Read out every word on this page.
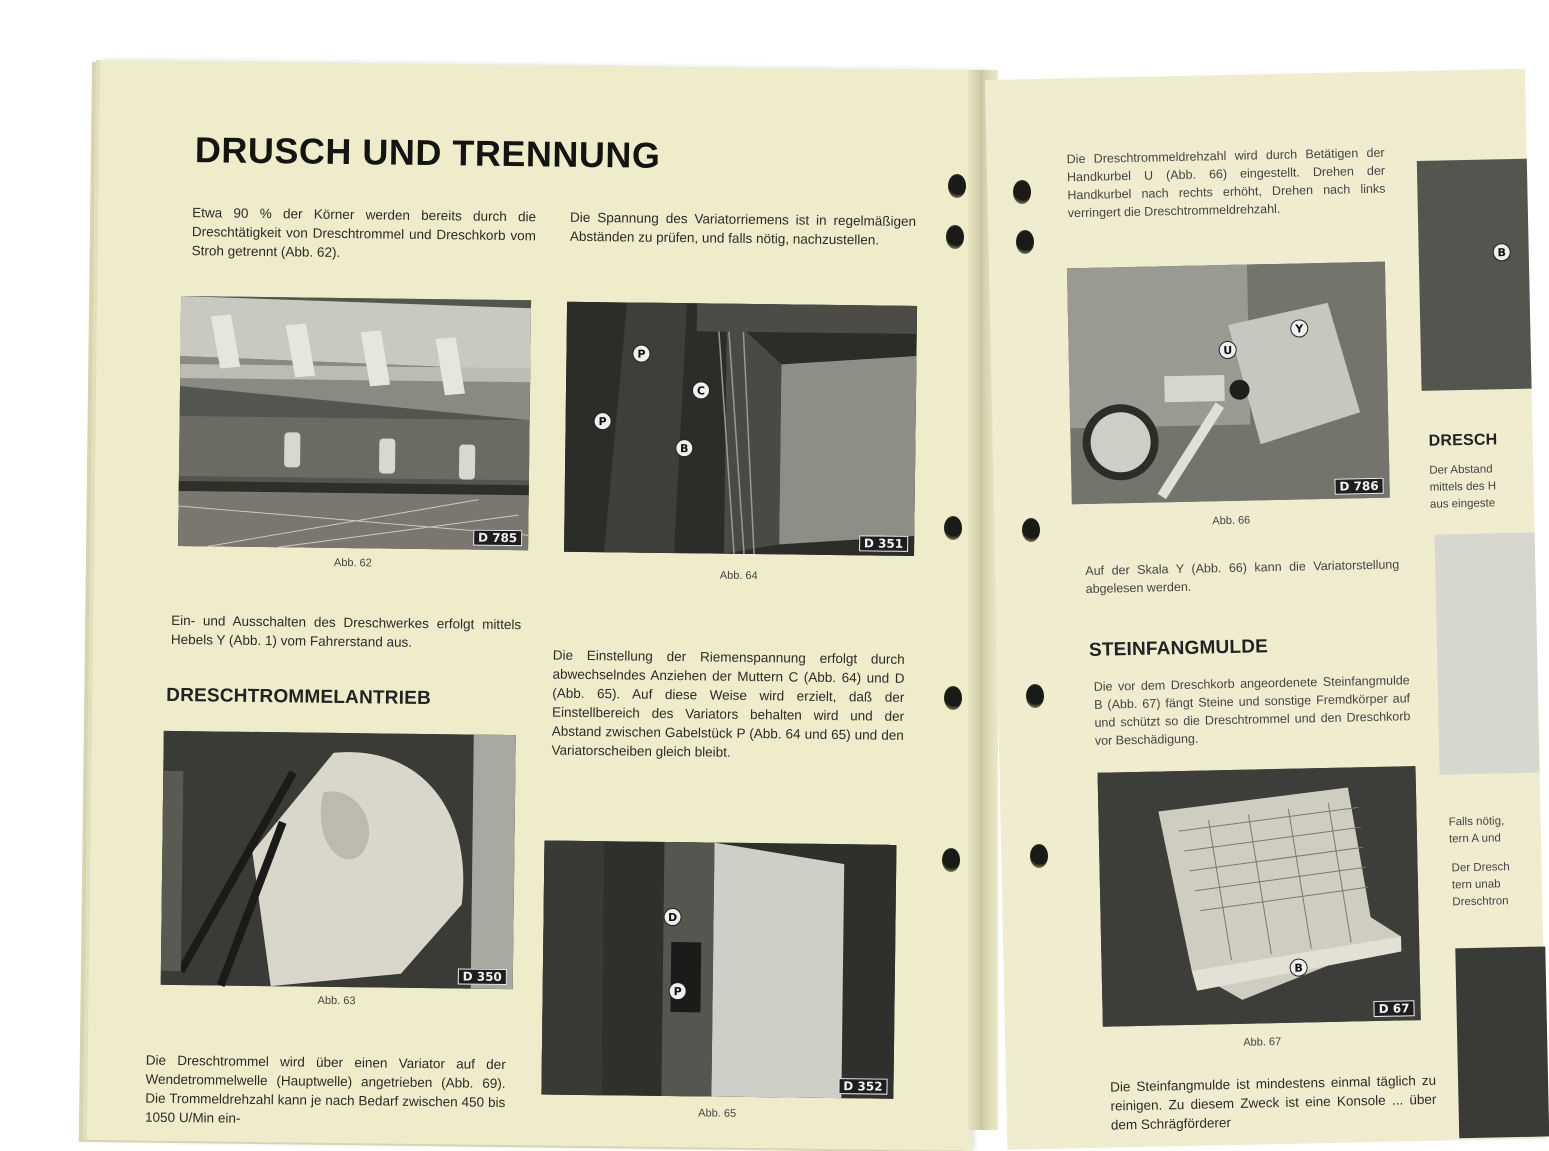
DRUSCH UND TRENNUNG
Etwa 90 % der Körner werden bereits durch die Dreschtätigkeit von Dreschtrommel und Dreschkorb vom Stroh getrennt (Abb. 62).
D 785
Abb. 62
Ein- und Ausschalten des Dreschwerkes erfolgt mittels Hebels Y (Abb. 1) vom Fahrerstand aus.
DRESCHTROMMELANTRIEB
D 350
Abb. 63
Die Dreschtrommel wird über einen Variator auf der Wendetrommelwelle (Hauptwelle) angetrieben (Abb. 69). Die Trommeldrehzahl kann je nach Bedarf zwischen 450 bis 1050 U/Min ein-
Die Spannung des Variatorriemens ist in regelmäßigen Abständen zu prüfen, und falls nötig, nachzustellen.
P
P
C
B
D 351
Abb. 64
Die Einstellung der Riemenspannung erfolgt durch abwechselndes Anziehen der Muttern C (Abb. 64) und D (Abb. 65). Auf diese Weise wird erzielt, daß der Einstellbereich des Variators behalten wird und der Abstand zwischen Gabelstück P (Abb. 64 und 65) und den Variatorscheiben gleich bleibt.
D
P
D 352
Abb. 65
Die Dreschtrommeldrehzahl wird durch Betätigen der Handkurbel U (Abb. 66) eingestellt. Drehen der Handkurbel nach rechts erhöht, Drehen nach links verringert die Dreschtrommeldrehzahl.
U
Y
D 786
Abb. 66
Auf der Skala Y (Abb. 66) kann die Variatorstellung abgelesen werden.
STEINFANGMULDE
Die vor dem Dreschkorb angeordenete Steinfangmulde B (Abb. 67) fängt Steine und sonstige Fremdkörper auf und schützt so die Dreschtrommel und den Dreschkorb vor Beschädigung.
B
D 67
Abb. 67
Die Steinfangmulde ist mindestens einmal täglich zu reinigen. Zu diesem Zweck ist eine Konsole ... über dem Schrägförderer
B
DRESCH
Der Abstand
mittels des H
aus eingeste
Falls nötig,
tern A und
Der Dresch
tern unab
Dreschtron
